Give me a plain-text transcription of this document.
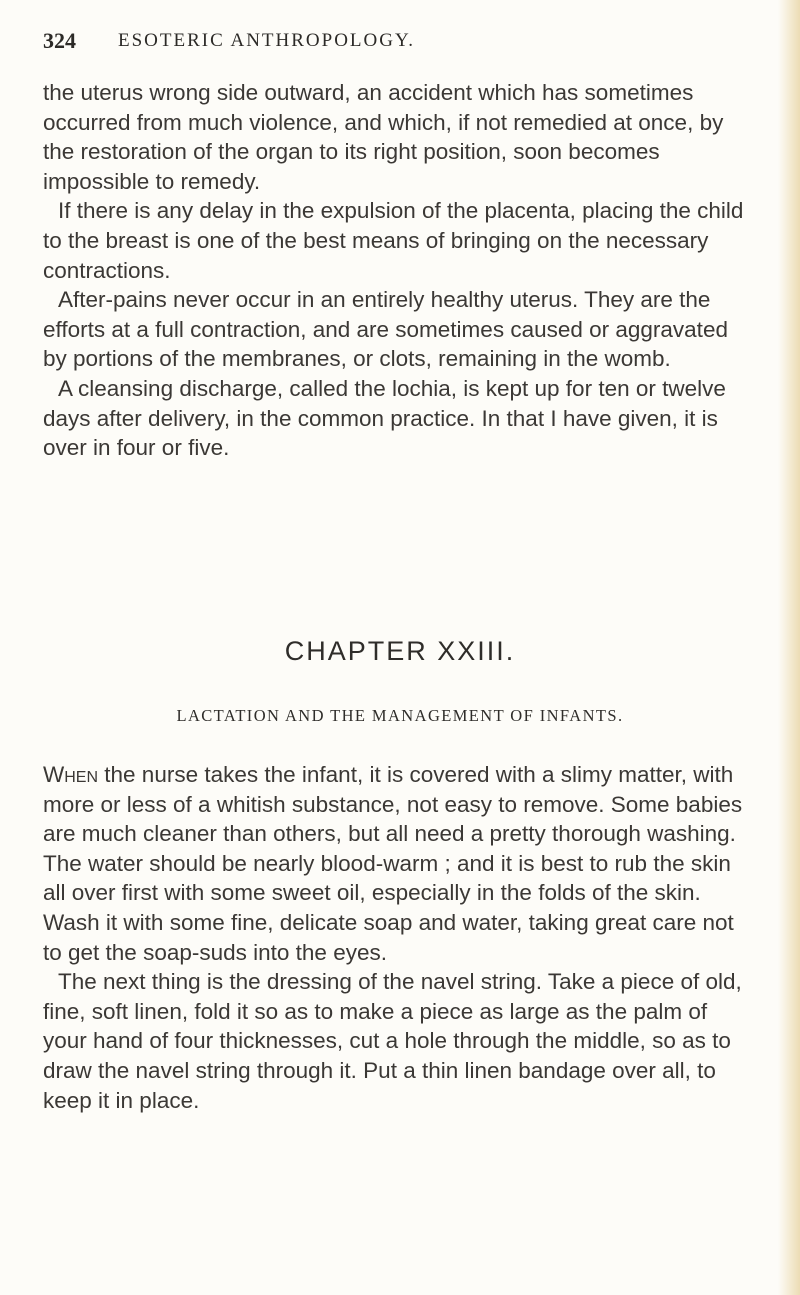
324 ESOTERIC ANTHROPOLOGY.

the uterus wrong side outward, an accident which has sometimes occurred from much violence, and which, if not remedied at once, by the restoration of the organ to its right position, soon becomes impossible to remedy.

If there is any delay in the expulsion of the placenta, placing the child to the breast is one of the best means of bringing on the necessary contractions.

After-pains never occur in an entirely healthy uterus. They are the efforts at a full contraction, and are sometimes caused or aggravated by portions of the membranes, or clots, remaining in the womb.

A cleansing discharge, called the lochia, is kept up for ten or twelve days after delivery, in the common practice. In that I have given, it is over in four or five.

CHAPTER XXIII.
LACTATION AND THE MANAGEMENT OF INFANTS.

When the nurse takes the infant, it is covered with a slimy matter, with more or less of a whitish substance, not easy to remove. Some babies are much cleaner than others, but all need a pretty thorough washing. The water should be nearly blood-warm ; and it is best to rub the skin all over first with some sweet oil, especially in the folds of the skin. Wash it with some fine, delicate soap and water, taking great care not to get the soap-suds into the eyes.

The next thing is the dressing of the navel string. Take a piece of old, fine, soft linen, fold it so as to make a piece as large as the palm of your hand of four thicknesses, cut a hole through the middle, so as to draw the navel string through it. Put a thin linen bandage over all, to keep it in place.
